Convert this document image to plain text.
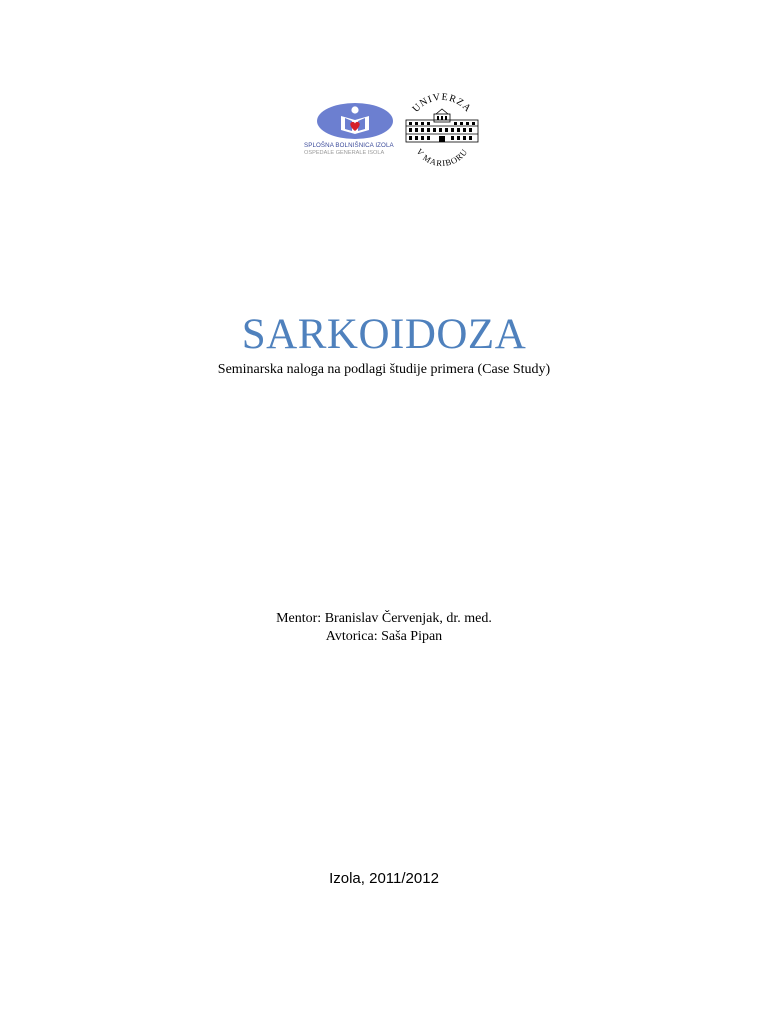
SPLOŠNA BOLNIŠNICA IZOLA
OSPEDALE GENERALE ISOLA
UNIVERZA
V MARIBORU
SARKOIDOZA
Seminarska naloga na podlagi študije primera (Case Study)
Mentor: Branislav Červenjak, dr. med.
Avtorica: Saša Pipan
Izola, 2011/2012
